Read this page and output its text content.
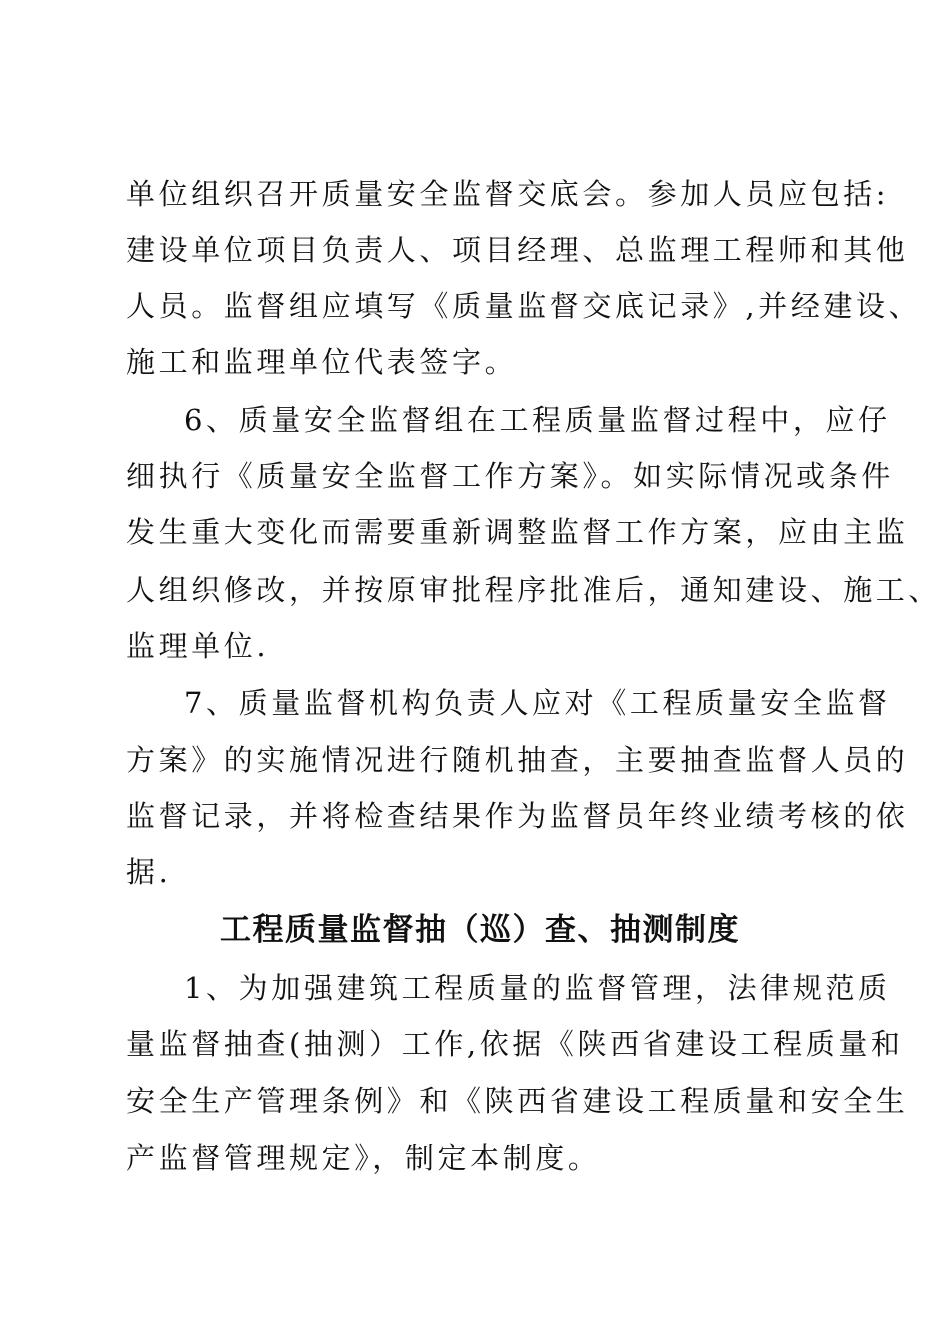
单位组织召开质量安全监督交底会。参加人员应包括:
建设单位项目负责人、项目经理、总监理工程师和其他
人员。监督组应填写《质量监督交底记录》,并经建设、
施工和监理单位代表签字。
6、质量安全监督组在工程质量监督过程中，应仔
细执行《质量安全监督工作方案》。如实际情况或条件
发生重大变化而需要重新调整监督工作方案，应由主监
人组织修改，并按原审批程序批准后，通知建设、施工、
监理单位.
7、质量监督机构负责人应对《工程质量安全监督
方案》的实施情况进行随机抽查，主要抽查监督人员的
监督记录，并将检查结果作为监督员年终业绩考核的依
据.
工程质量监督抽（巡）查、抽测制度
1、为加强建筑工程质量的监督管理，法律规范质
量监督抽查(抽测）工作,依据《陕西省建设工程质量和
安全生产管理条例》和《陕西省建设工程质量和安全生
产监督管理规定》，制定本制度。
